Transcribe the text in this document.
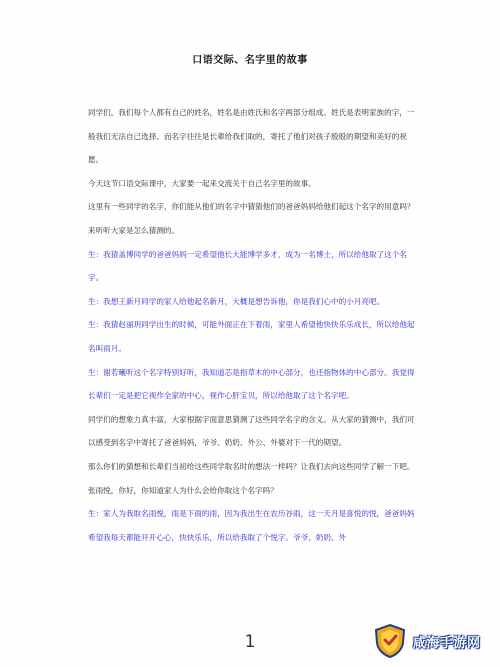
口语交际、名字里的故事

同学们，我们每个人都有自己的姓名，姓名是由姓氏和名字两部分组成。姓氏是表明家族的字，一般我们无法自己选择。而名字往往是长辈给我们取的，寄托了他们对孩子殷殷的期望和美好的祝愿。

今天这节口语交际课中，大家要一起来交流关于自己名字里的故事。

这里有一些同学的名字，你们能从他们的名字中猜猜他们的爸爸妈妈给他们起这个名字的用意吗？来听听大家是怎么猜测的。

生：我猜盖博同学的爸爸妈妈一定希望他长大能博学多才，成为一名博士，所以给他取了这个名字。

生：我想王新月同学的家人给他起名新月，大概是想告诉他，你是我们心中的小月亮吧。

生：我猜赵丽玥同学出生的时候，可能外面正在下着雨，家里人希望他快快乐乐成长，所以给他起名叫雨月。

生：谢若曦听这个名字特别好听，我知道芯是指草木的中心部分，也还指物体的中心部分。我觉得长辈们一定是把它视作全家的中心，视作心肝宝贝，所以给他取了这个名字吧。

同学们的想象力真丰富，大家根据字面意思猜测了这些同学名字的含义。从大家的猜测中，我们可以感受到名字中寄托了爸爸妈妈，爷爷、奶奶、外公、外婆对下一代的期望。

那么你们的猜想和长辈们当初给这些同学取名时的想法一样吗？让我们去向这些同学了解一下吧。

张雨悦，你好，你知道家人为什么会给你取这个名字吗？

生：家人为我取名雨悦，雨是下雨的雨，因为我出生在农历谷雨，这一天月是喜悦的悦，爸爸妈妈希望我每天都能开开心心，快快乐乐，所以给我取了个悦字。爷爷、奶奶、外

1	咸海手游网
